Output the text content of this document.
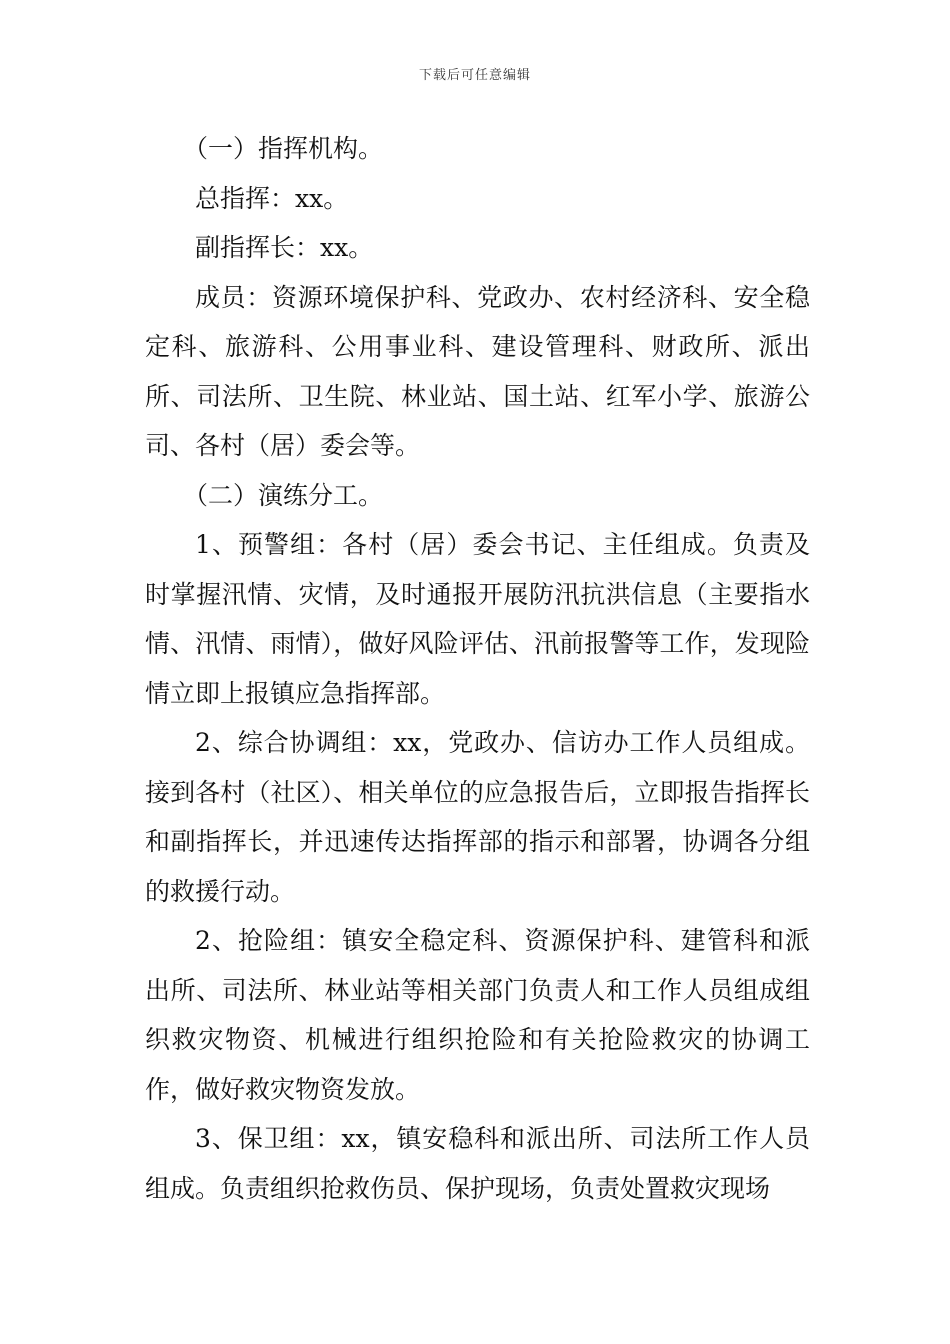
下载后可任意编辑

（一）指挥机构。

总指挥：xx。

副指挥长：xx。

成员：资源环境保护科、党政办、农村经济科、安全稳定科、旅游科、公用事业科、建设管理科、财政所、派出所、司法所、卫生院、林业站、国土站、红军小学、旅游公司、各村（居）委会等。

（二）演练分工。

1、预警组：各村（居）委会书记、主任组成。负责及时掌握汛情、灾情，及时通报开展防汛抗洪信息（主要指水情、汛情、雨情），做好风险评估、汛前报警等工作，发现险情立即上报镇应急指挥部。

2、综合协调组：xx，党政办、信访办工作人员组成。接到各村（社区）、相关单位的应急报告后，立即报告指挥长和副指挥长，并迅速传达指挥部的指示和部署，协调各分组的救援行动。

2、抢险组：镇安全稳定科、资源保护科、建管科和派出所、司法所、林业站等相关部门负责人和工作人员组成组织救灾物资、机械进行组织抢险和有关抢险救灾的协调工作，做好救灾物资发放。

3、保卫组：xx，镇安稳科和派出所、司法所工作人员组成。负责组织抢救伤员、保护现场，负责处置救灾现场
